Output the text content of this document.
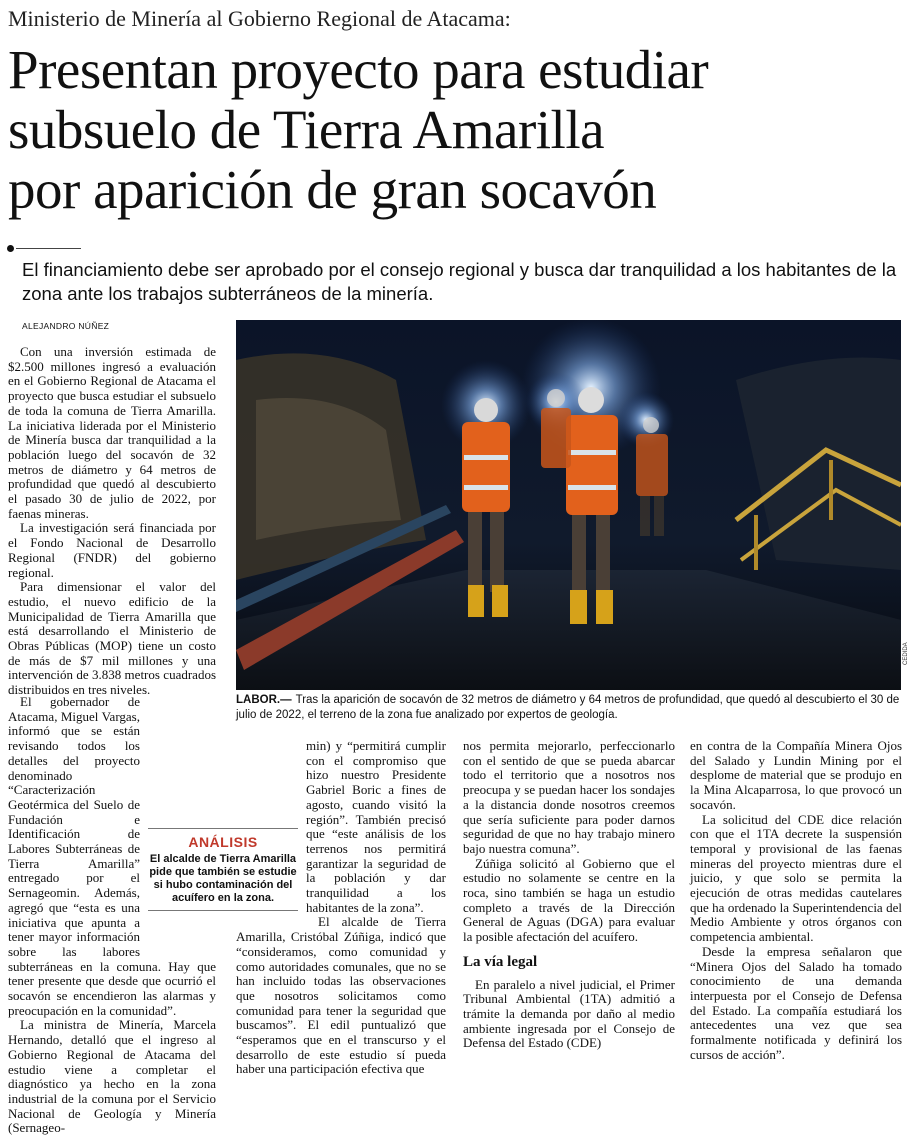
Ministerio de Minería al Gobierno Regional de Atacama:
Presentan proyecto para estudiar
subsuelo de Tierra Amarilla
por aparición de gran socavón
El financiamiento debe ser aprobado por el consejo regional y busca dar tranquilidad a los habitantes de la zona ante los trabajos subterráneos de la minería.
ALEJANDRO NÚÑEZ
CEDIDA
LABOR.— Tras la aparición de socavón de 32 metros de diámetro y 64 metros de profundidad, que quedó al descubierto el 30 de julio de 2022, el terreno de la zona fue analizado por expertos de geología.

Con una inversión estimada de $2.500 millones ingresó a evaluación en el Gobierno Regional de Atacama el proyecto que busca estudiar el subsuelo de toda la comuna de Tierra Amarilla. La iniciativa liderada por el Ministerio de Minería busca dar tranquilidad a la población luego del socavón de 32 metros de diámetro y 64 metros de profundidad que quedó al descubierto el pasado 30 de julio de 2022, por faenas mineras.

La investigación será financiada por el Fondo Nacional de Desarrollo Regional (FNDR) del gobierno regional.

Para dimensionar el valor del estudio, el nuevo edificio de la Municipalidad de Tierra Amarilla que está desarrollando el Ministerio de Obras Públicas (MOP) tiene un costo de más de $7 mil millones y una intervención de 3.838 metros cuadrados distribuidos en tres niveles.

El gobernador de Atacama, Miguel Vargas, informó que se están revisando todos los detalles del proyecto denominado “Caracterización Geotérmica del Suelo de Fundación e Identificación de Labores Subterráneas de Tierra Amarilla” entregado por el Sernageomin. Además, agregó que “esta es una iniciativa que apunta a tener mayor información sobre las labores subterráneas en la comuna. Hay que tener presente que desde que ocurrió el socavón se encendieron las alarmas y preocupación en la comunidad”.

La ministra de Minería, Marcela Hernando, detalló que el ingreso al Gobierno Regional de Atacama del estudio viene a completar el diagnóstico ya hecho en la zona industrial de la comuna por el Servicio Nacional de Geología y Minería (Sernageo-

ANÁLISIS
El alcalde de Tierra Amarilla pide que también se estudie si hubo contaminación del acuífero en la zona.

min) y “permitirá cumplir con el compromiso que hizo nuestro Presidente Gabriel Boric a fines de agosto, cuando visitó la región”. También precisó que “este análisis de los terrenos nos permitirá garantizar la seguridad de la población y dar tranquilidad a los habitantes de la zona”.

El alcalde de Tierra Amarilla, Cristóbal Zúñiga, indicó que “consideramos, como comunidad y como autoridades comunales, que no se han incluido todas las observaciones que nosotros solicitamos como comunidad para tener la seguridad que buscamos”. El edil puntualizó que “esperamos que en el transcurso y el desarrollo de este estudio sí pueda haber una participación efectiva que

nos permita mejorarlo, perfeccionarlo con el sentido de que se pueda abarcar todo el territorio que a nosotros nos preocupa y se puedan hacer los sondajes a la distancia donde nosotros creemos que sería suficiente para poder darnos seguridad de que no hay trabajo minero bajo nuestra comuna”.

Zúñiga solicitó al Gobierno que el estudio no solamente se centre en la roca, sino también se haga un estudio completo a través de la Dirección General de Aguas (DGA) para evaluar la posible afectación del acuífero.

La vía legal

En paralelo a nivel judicial, el Primer Tribunal Ambiental (1TA) admitió a trámite la demanda por daño al medio ambiente ingresada por el Consejo de Defensa del Estado (CDE)

en contra de la Compañía Minera Ojos del Salado y Lundin Mining por el desplome de material que se produjo en la Mina Alcaparrosa, lo que provocó un socavón.

La solicitud del CDE dice relación con que el 1TA decrete la suspensión temporal y provisional de las faenas mineras del proyecto mientras dure el juicio, y que solo se permita la ejecución de otras medidas cautelares que ha ordenado la Superintendencia del Medio Ambiente y otros órganos con competencia ambiental.

Desde la empresa señalaron que “Minera Ojos del Salado ha tomado conocimiento de una demanda interpuesta por el Consejo de Defensa del Estado. La compañía estudiará los antecedentes una vez que sea formalmente notificada y definirá los cursos de acción”.
